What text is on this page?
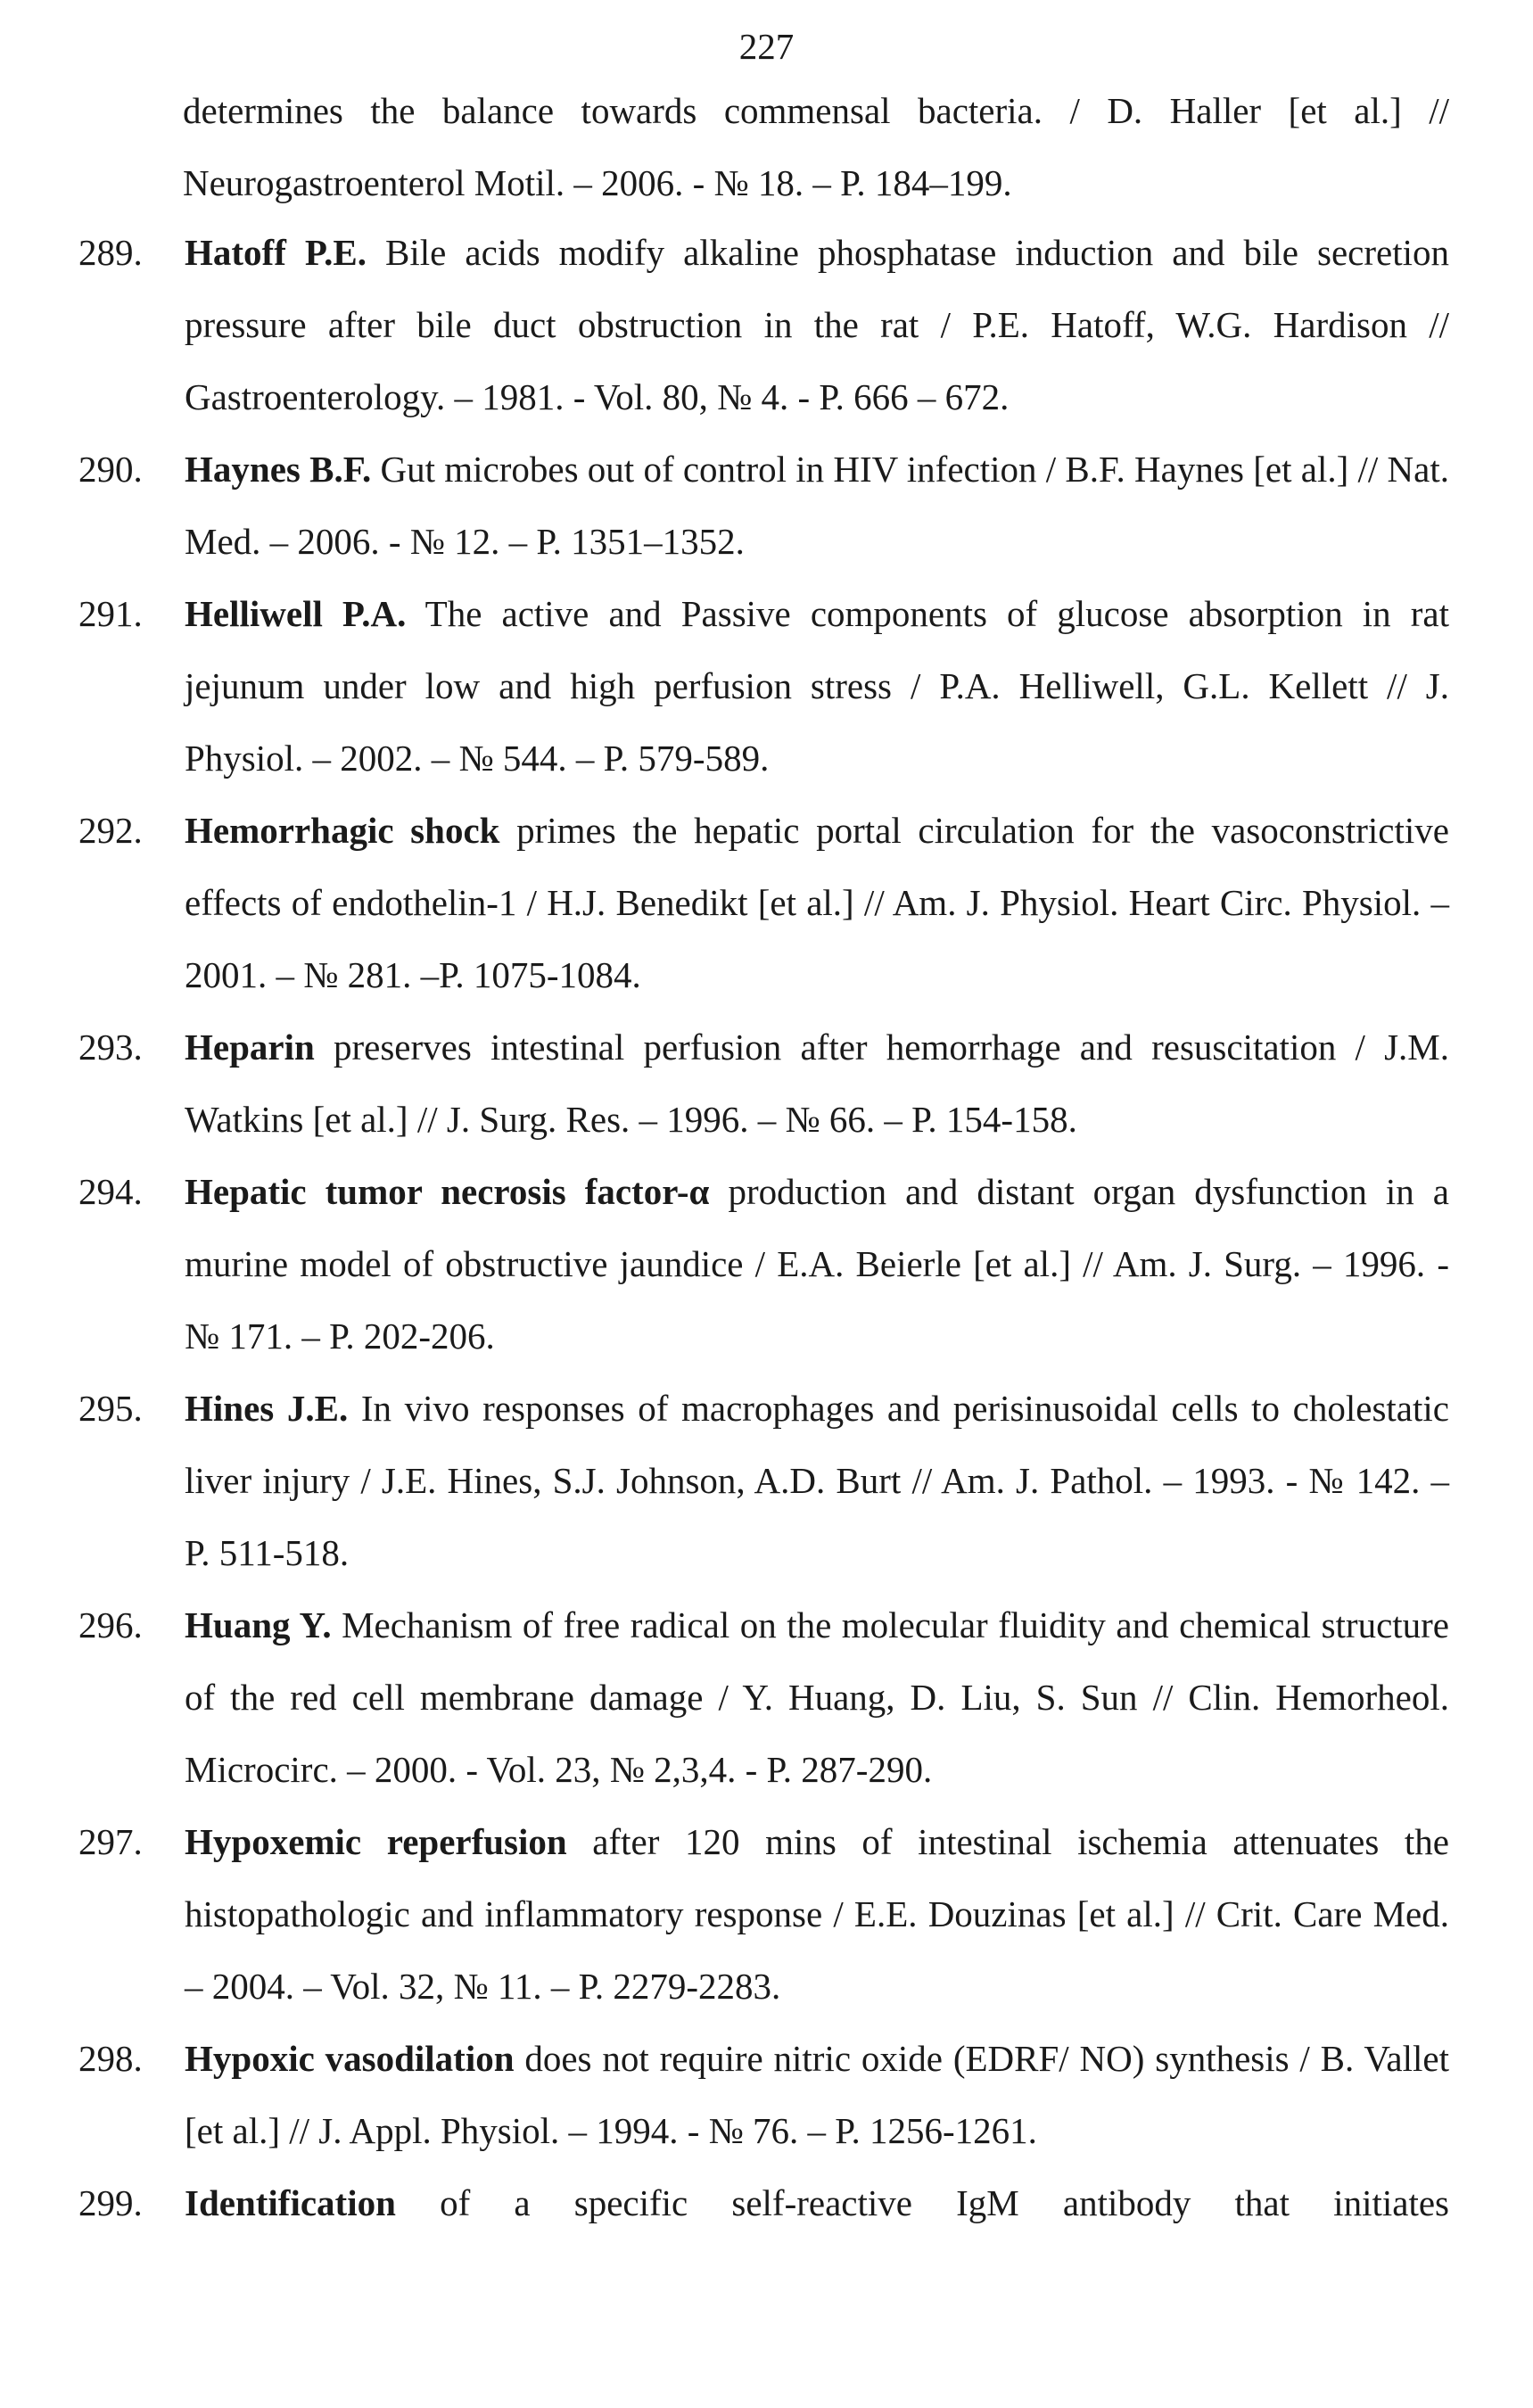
227
determines the balance towards commensal bacteria. / D. Haller [et al.] // Neurogastroenterol Motil. – 2006. - № 18. – P. 184–199.
289.	Hatoff P.E. Bile acids modify alkaline phosphatase induction and bile secretion pressure after bile duct obstruction in the rat / P.E. Hatoff, W.G. Hardison // Gastroenterology. – 1981. - Vol. 80, № 4. - P. 666 – 672.
290.	Haynes B.F. Gut microbes out of control in HIV infection / B.F. Haynes [et al.] // Nat. Med. – 2006. - № 12. – P. 1351–1352.
291.	Helliwell P.A. The active and Passive components of glucose absorption in rat jejunum under low and high perfusion stress / P.A. Helliwell, G.L. Kellett // J. Physiol. – 2002. – № 544. – P. 579-589.
292.	Hemorrhagic shock primes the hepatic portal circulation for the vasoconstrictive effects of endothelin-1 / H.J. Benedikt [et al.] // Am. J. Physiol. Heart Circ. Physiol. – 2001. – № 281. –P. 1075-1084.
293.	Heparin preserves intestinal perfusion after hemorrhage and resuscitation / J.M. Watkins [et al.] // J. Surg. Res. – 1996. – № 66. – P. 154-158.
294.	Hepatic tumor necrosis factor-α production and distant organ dysfunction in a murine model of obstructive jaundice / E.A. Beierle [et al.] // Am. J. Surg. – 1996. - № 171. – P. 202-206.
295.	Hines J.E. In vivo responses of macrophages and perisinusoidal cells to cholestatic liver injury / J.E. Hines, S.J. Johnson, A.D. Burt // Am. J. Pathol. – 1993. - № 142. – P. 511-518.
296.	Huang Y. Mechanism of free radical on the molecular fluidity and chemical structure of the red cell membrane damage / Y. Huang, D. Liu, S. Sun // Clin. Hemorheol. Microcirc. – 2000. - Vol. 23, № 2,3,4. - P. 287-290.
297.	Hypoxemic reperfusion after 120 mins of intestinal ischemia attenuates the histopathologic and inflammatory response / E.E. Douzinas [et al.] // Crit. Care Med. – 2004. – Vol. 32, № 11. – P. 2279-2283.
298.	Hypoxic vasodilation does not require nitric oxide (EDRF/ NO) synthesis / B. Vallet [et al.] // J. Appl. Physiol. – 1994. - № 76. – P. 1256-1261.
299.	Identification of a specific self-reactive IgM antibody that initiates
